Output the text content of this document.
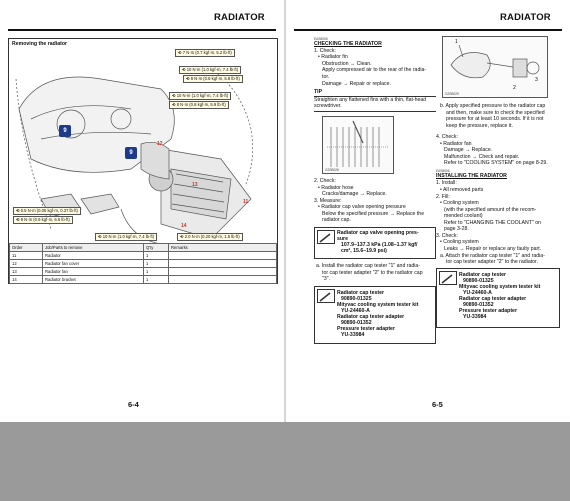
RADIATOR
Removing the radiator
12
13
11
14
9
9
⟲ 7 N·m (0.7 kgf·m, 5.2 lb·ft)
⟲ 10 N·m (1.0 kgf·m, 7.4 lb·ft)
⟲ 8 N·m (0.8 kgf·m, 5.8 lb·ft)
⟲ 10 N·m (1.0 kgf·m, 7.4 lb·ft)
⟲ 8 N·m (0.8 kgf·m, 5.9 lb·ft)
⟲ 0.5 N·m (0.05 kgf·m, 0.37 lb·ft)
⟲ 9 N·m (0.9 kgf·m, 6.6 lb·ft)
⟲ 10 N·m (1.0 kgf·m, 7.4 lb·ft)	⟲ 2.0 N·m (0.20 kgf·m, 1.5 lb·ft)
Order	Job/Parts to remove	Q'ty	Remarks
11	Radiator	1	
12	Radiator fan cover	1	
13	Radiator fan	1	
14	Radiator bracket	1	
6-4
RADIATOR
EAS8508
CHECKING THE RADIATOR
1. Check:
• Radiator fin
Obstruction → Clean.
Apply compressed air to the rear of the radia-
tor.
Damage → Repair or replace.
TIP
Straighten any flattened fins with a thin, flat-head
screwdriver.
G2SB028
2. Check:
• Radiator hose
Cracks/damage → Replace.
3. Measure:
• Radiator cap valve opening pressure
Below the specified pressure → Replace the
radiator cap.
Radiator cap valve opening pres-
sure
107.9–137.3 kPa (1.08–1.37 kgf/
cm², 15.6–19.9 psi)
a. Install the radiator cap tester "1" and radia-
tor cap tester adapter "2" to the radiator cap
"3".
Radiator cap tester
90890-01325
Mityvac cooling system tester kit
YU-24460-A
Radiator cap tester adapter
90890-01352
Pressure tester adapter
YU-33984
1
2
3
G2SB029
b. Apply specified pressure to the radiator cap
and then, make sure to check the specified
pressure for at least 10 seconds. If it is not
keep the pressure, replace it.
4. Check:
• Radiator fan
Damage → Replace.
Malfunction → Check and repair.
Refer to "COOLING SYSTEM" on page 8-29.
EAS8506
INSTALLING THE RADIATOR
1. Install:
• All removed parts
2. Fill:
• Cooling system
(with the specified amount of the recom-
mended coolant)
Refer to "CHANGING THE COOLANT" on
page 3-28.
3. Check:
• Cooling system
Leaks → Repair or replace any faulty part.
a. Attach the radiator cap tester "1" and radia-
tor cap tester adapter "2" to the radiator.
Radiator cap tester
90890-01325
Mityvac cooling system tester kit
YU-24460-A
Radiator cap tester adapter
90890-01352
Pressure tester adapter
YU-33984
6-5
